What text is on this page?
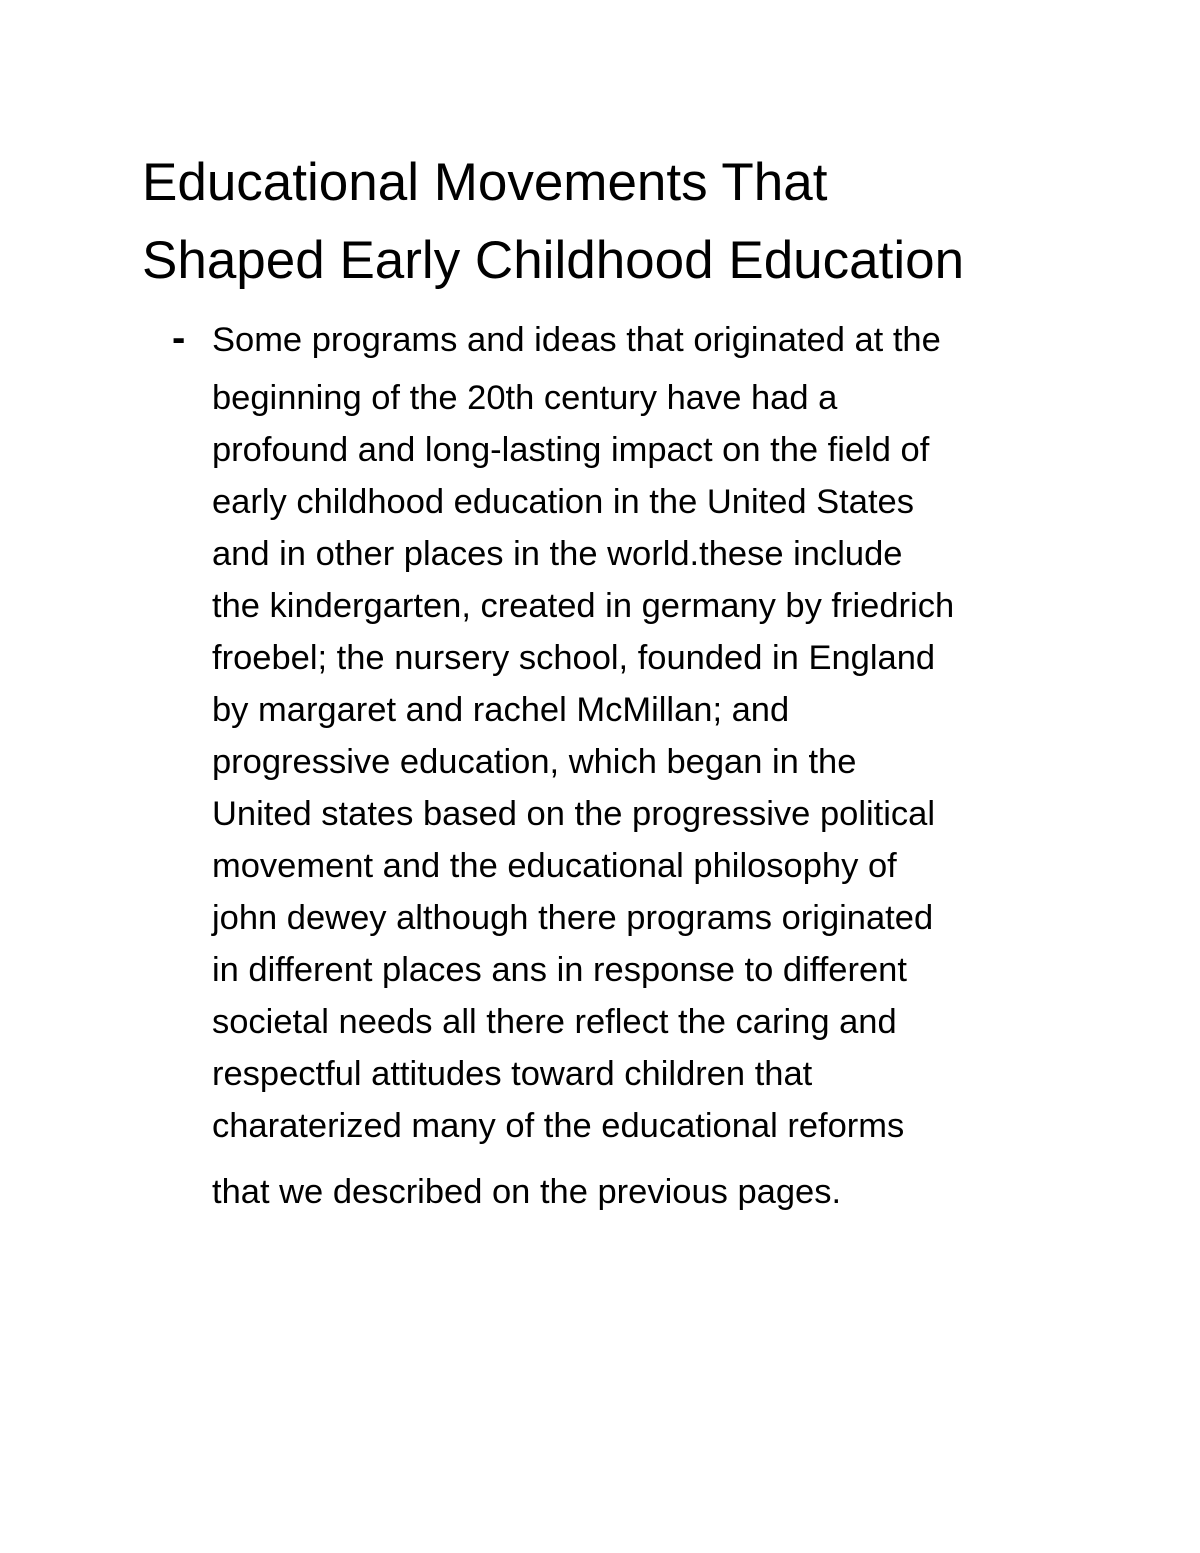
Educational Movements That
Shaped Early Childhood Education
- Some programs and ideas that originated at the
beginning of the 20th century have had a
profound and long-lasting impact on the field of
early childhood education in the United States
and in other places in the world.these include
the kindergarten, created in germany by friedrich
froebel; the nursery school, founded in England
by margaret and rachel McMillan; and
progressive education, which began in the
United states based on the progressive political
movement and the educational philosophy of
john dewey although there programs originated
in different places ans in response to different
societal needs all there reflect the caring and
respectful attitudes toward children that
charaterized many of the educational reforms
that we described on the previous pages.
